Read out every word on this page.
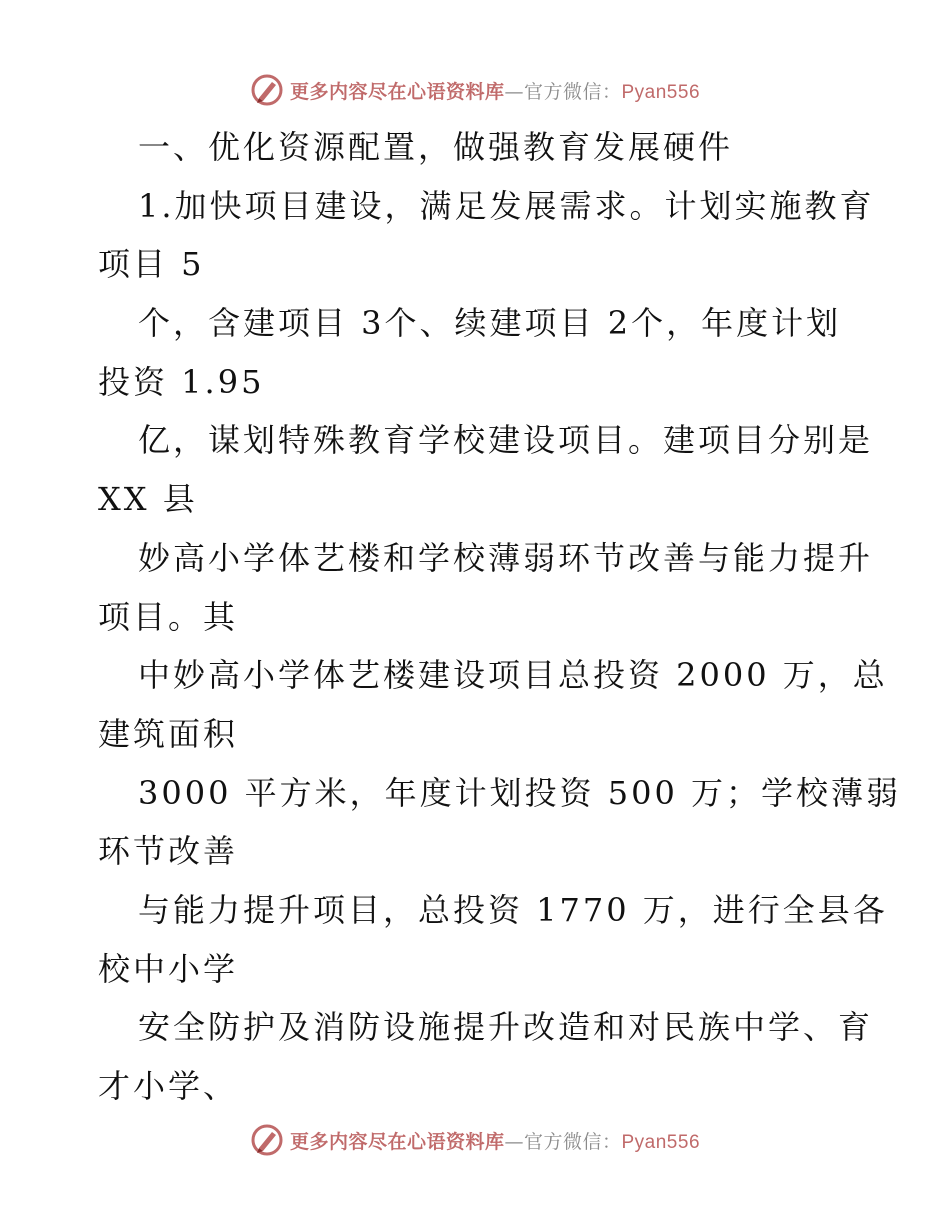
更多内容尽在心语资料库—官方微信：Pyan556
一、优化资源配置，做强教育发展硬件
1.加快项目建设，满足发展需求。计划实施教育
项目 5
个，含建项目 3个、续建项目 2个，年度计划
投资 1.95
亿，谋划特殊教育学校建设项目。建项目分别是
XX 县
妙高小学体艺楼和学校薄弱环节改善与能力提升
项目。其
中妙高小学体艺楼建设项目总投资 2000 万，总
建筑面积
3000 平方米，年度计划投资 500 万；学校薄弱
环节改善
与能力提升项目，总投资 1770 万，进行全县各
校中小学
安全防护及消防设施提升改造和对民族中学、育
才小学、
更多内容尽在心语资料库—官方微信：Pyan556
